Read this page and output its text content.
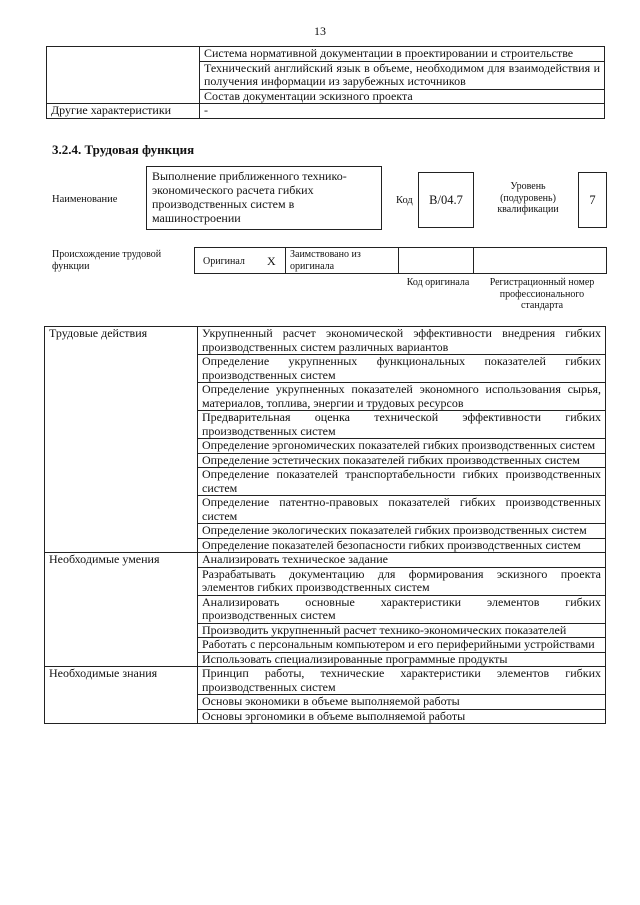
13
	Система нормативной документации в проектировании и строительстве
	Технический английский язык в объеме, необходимом для взаимодействия и получения информации из зарубежных источников
	Состав документации эскизного проекта
Другие характеристики	-
3.2.4. Трудовая функция
Наименование
Выполнение приближенного технико-экономического расчета гибких производственных систем в машиностроении
Код	В/04.7
Уровень (подуровень) квалификации
7
Происхождение трудовой функции	Оригинал X	Заимствовано из оригинала
Код оригинала	Регистрационный номер профессионального стандарта
Трудовые действия	Укрупненный расчет экономической эффективности внедрения гибких производственных систем различных вариантов
	Определение укрупненных функциональных показателей гибких производственных систем
	Определение укрупненных показателей экономного использования сырья, материалов, топлива, энергии и трудовых ресурсов
	Предварительная оценка технической эффективности гибких производственных систем
	Определение эргономических показателей гибких производственных систем
	Определение эстетических показателей гибких производственных систем
	Определение показателей транспортабельности гибких производственных систем
	Определение патентно-правовых показателей гибких производственных систем
	Определение экологических показателей гибких производственных систем
	Определение показателей безопасности гибких производственных систем
Необходимые умения	Анализировать техническое задание
	Разрабатывать документацию для формирования эскизного проекта элементов гибких производственных систем
	Анализировать основные характеристики элементов гибких производственных систем
	Производить укрупненный расчет технико-экономических показателей
	Работать с персональным компьютером и его периферийными устройствами
	Использовать специализированные программные продукты
Необходимые знания	Принцип работы, технические характеристики элементов гибких производственных систем
	Основы экономики в объеме выполняемой работы
	Основы эргономики в объеме выполняемой работы
